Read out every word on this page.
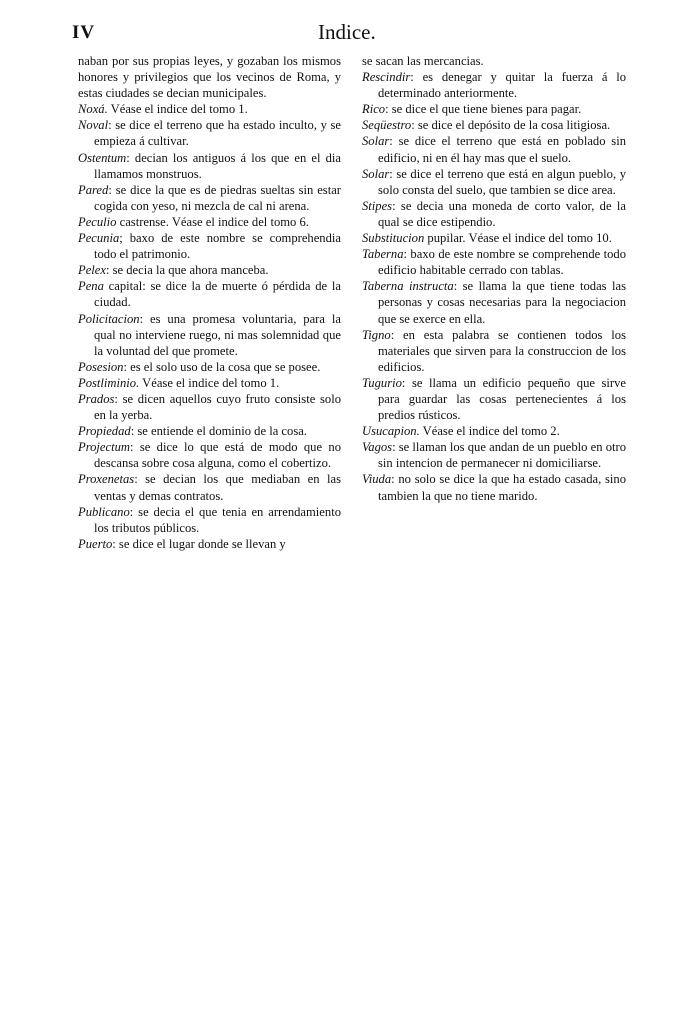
IV	Indice.
naban por sus propias leyes, y gozaban los mismos honores y privilegios que los vecinos de Roma, y estas ciudades se decian municipales.
Noxá. Véase el indice del tomo 1.
Noval: se dice el terreno que ha estado inculto, y se empieza á cultivar.
Ostentum: decian los antiguos á los que en el dia llamamos monstruos.
Pared: se dice la que es de piedras sueltas sin estar cogida con yeso, ni mezcla de cal ni arena.
Peculio castrense. Véase el indice del tomo 6.
Pecunia; baxo de este nombre se comprehendia todo el patrimonio.
Pelex: se decia la que ahora manceba.
Pena capital: se dice la de muerte ó pérdida de la ciudad.
Policitacion: es una promesa voluntaria, para la qual no interviene ruego, ni mas solemnidad que la voluntad del que promete.
Posesion: es el solo uso de la cosa que se posee.
Postliminio. Véase el indice del tomo 1.
Prados: se dicen aquellos cuyo fruto consiste solo en la yerba.
Propiedad: se entiende el dominio de la cosa.
Projectum: se dice lo que está de modo que no descansa sobre cosa alguna, como el cobertizo.
Proxenetas: se decian los que mediaban en las ventas y demas contratos.
Publicano: se decia el que tenia en arrendamiento los tributos públicos.
Puerto: se dice el lugar donde se llevan y
se sacan las mercancias.
Rescindir: es denegar y quitar la fuerza á lo determinado anteriormente.
Rico: se dice el que tiene bienes para pagar.
Seqüestro: se dice el depósito de la cosa litigiosa.
Solar: se dice el terreno que está en poblado sin edificio, ni en él hay mas que el suelo.
Solar: se dice el terreno que está en algun pueblo, y solo consta del suelo, que tambien se dice area.
Stipes: se decia una moneda de corto valor, de la qual se dice estipendio.
Substitucion pupilar. Véase el indice del tomo 10.
Taberna: baxo de este nombre se comprehende todo edificio habitable cerrado con tablas.
Taberna instructa: se llama la que tiene todas las personas y cosas necesarias para la negociacion que se exerce en ella.
Tigno: en esta palabra se contienen todos los materiales que sirven para la construccion de los edificios.
Tugurio: se llama un edificio pequeño que sirve para guardar las cosas pertenecientes á los predios rústicos.
Usucapion. Véase el indice del tomo 2.
Vagos: se llaman los que andan de un pueblo en otro sin intencion de permanecer ni domiciliarse.
Viuda: no solo se dice la que ha estado casada, sino tambien la que no tiene marido.
